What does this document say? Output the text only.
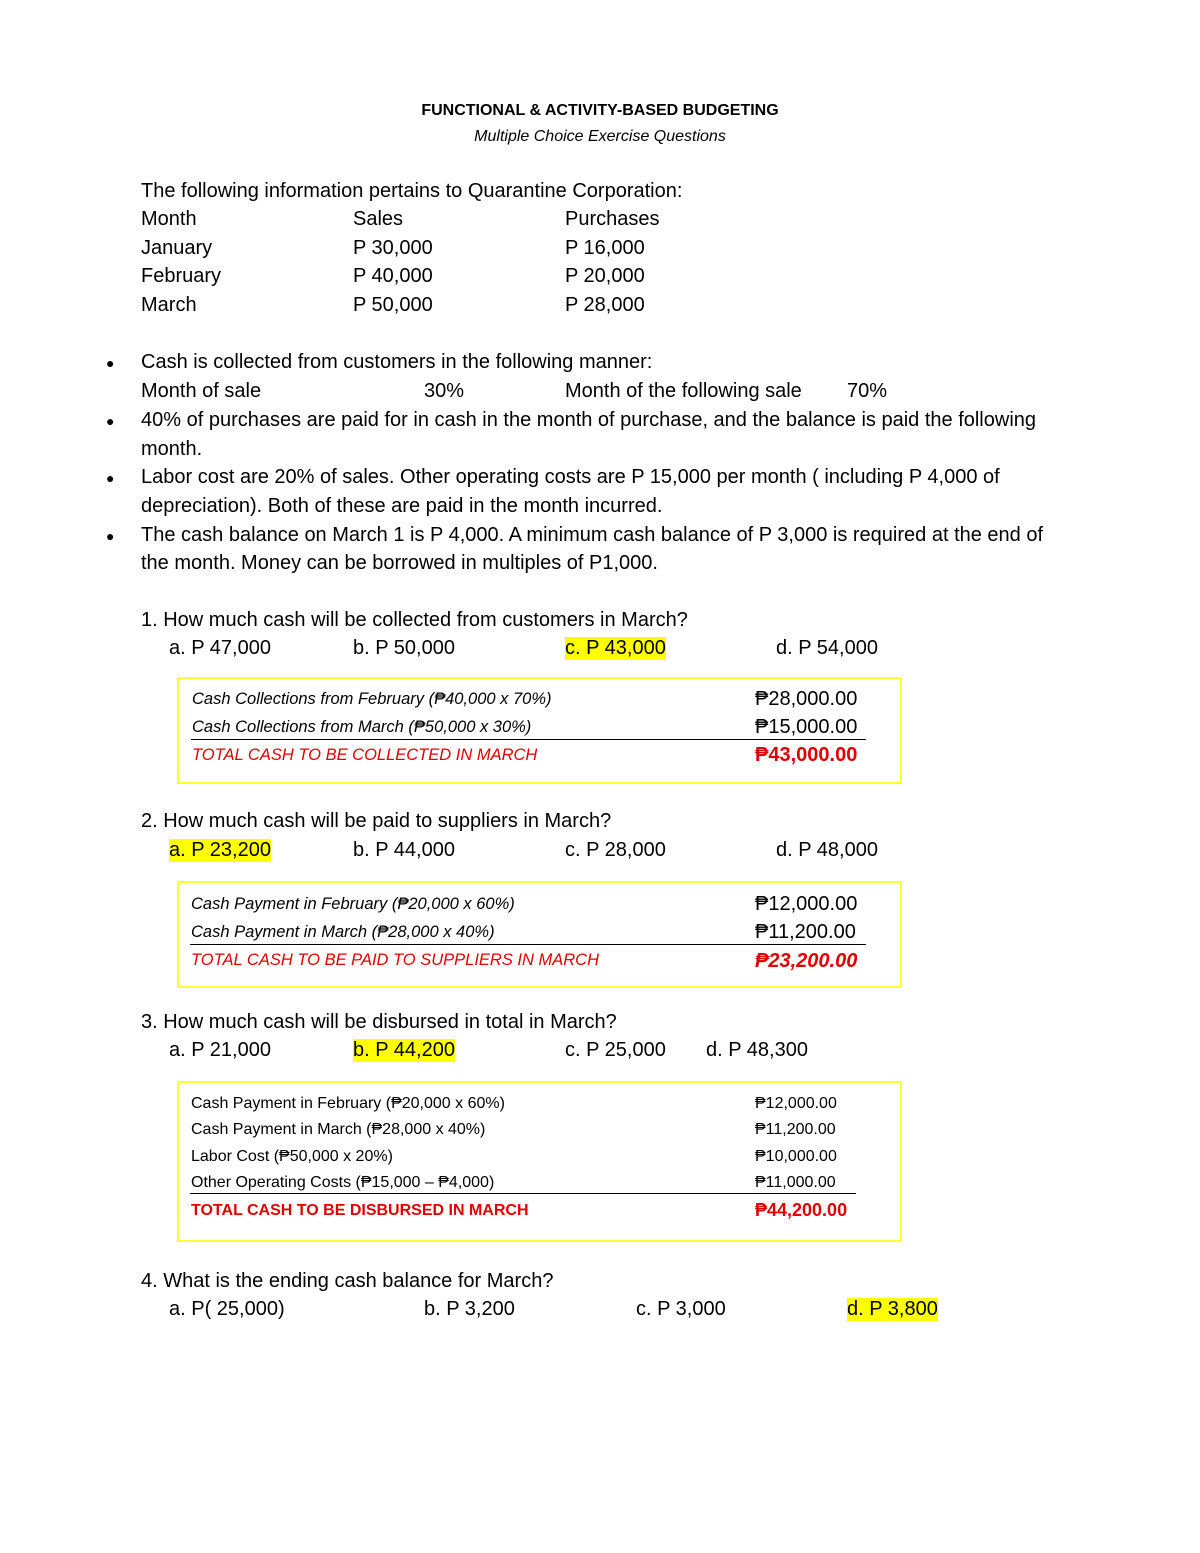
FUNCTIONAL & ACTIVITY-BASED BUDGETING
Multiple Choice Exercise Questions
The following information pertains to Quarantine Corporation:
Month	Sales	Purchases
January	P 30,000	P 16,000
February	P 40,000	P 20,000
March	P 50,000	P 28,000
● Cash is collected from customers in the following manner:
Month of sale	30%	Month of the following sale 70%
● 40% of purchases are paid for in cash in the month of purchase, and the balance is paid the following
month.
● Labor cost are 20% of sales. Other operating costs are P 15,000 per month ( including P 4,000 of
depreciation). Both of these are paid in the month incurred.
● The cash balance on March 1 is P 4,000. A minimum cash balance of P 3,000 is required at the end of
the month. Money can be borrowed in multiples of P1,000.
1. How much cash will be collected from customers in March?
a. P 47,000	b. P 50,000	c. P 43,000	d. P 54,000
Cash Collections from February (₱40,000 x 70%)	₱28,000.00
Cash Collections from March (₱50,000 x 30%)	₱15,000.00
TOTAL CASH TO BE COLLECTED IN MARCH	₱43,000.00
2. How much cash will be paid to suppliers in March?
a. P 23,200	b. P 44,000	c. P 28,000	d. P 48,000
Cash Payment in February (₱20,000 x 60%)	₱12,000.00
Cash Payment in March (₱28,000 x 40%)	₱11,200.00
TOTAL CASH TO BE PAID TO SUPPLIERS IN MARCH	₱23,200.00
3. How much cash will be disbursed in total in March?
a. P 21,000	b. P 44,200	c. P 25,000 d. P 48,300
Cash Payment in February (₱20,000 x 60%)	₱12,000.00
Cash Payment in March (₱28,000 x 40%)	₱11,200.00
Labor Cost (₱50,000 x 20%)	₱10,000.00
Other Operating Costs (₱15,000 – ₱4,000)	₱11,000.00
TOTAL CASH TO BE DISBURSED IN MARCH	₱44,200.00
4. What is the ending cash balance for March?
a. P( 25,000)	b. P 3,200	c. P 3,000	d. P 3,800
